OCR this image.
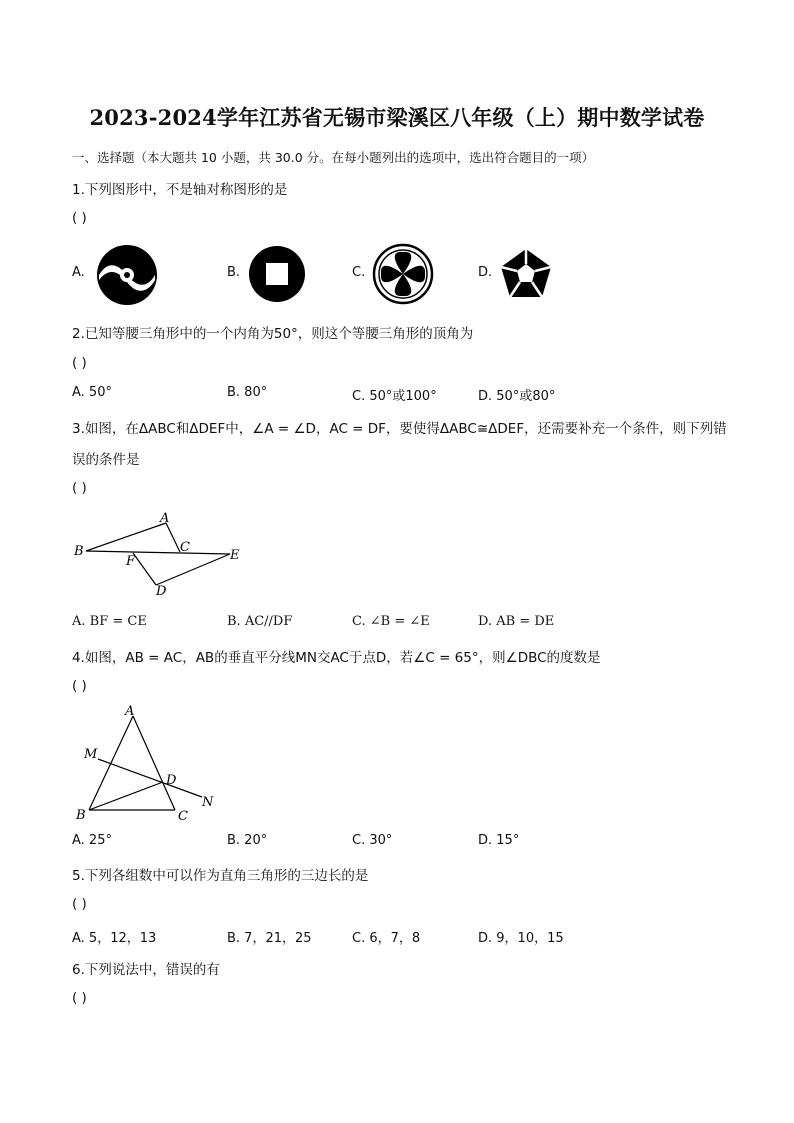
2023-2024学年江苏省无锡市梁溪区八年级（上）期中数学试卷
一、选择题（本大题共 10 小题，共 30.0 分。在每小题列出的选项中，选出符合题目的一项）
1.下列图形中，不是轴对称图形的是
( )
A.	B.	C.	D.
2.已知等腰三角形中的一个内角为50°，则这个等腰三角形的顶角为
( )
A. 50°	B. 80°	C. 50°或100°	D. 50°或80°
3.如图，在ΔABC和ΔDEF中，∠A = ∠D，AC = DF，要使得ΔABC≅ΔDEF，还需要补充一个条件，则下列错
误的条件是
( )
A
B	C
E
F
D
A. BF = CE	B. AC//DF	C. ∠B = ∠E	D. AB = DE
4.如图，AB = AC，AB的垂直平分线MN交AC于点D，若∠C = 65°，则∠DBC的度数是
( )
A
M
D
N
B	C
A. 25°	B. 20°	C. 30°	D. 15°
5.下列各组数中可以作为直角三角形的三边长的是
( )
A. 5，12，13	B. 7，21，25	C. 6，7，8	D. 9，10，15
6.下列说法中，错误的有
( )
